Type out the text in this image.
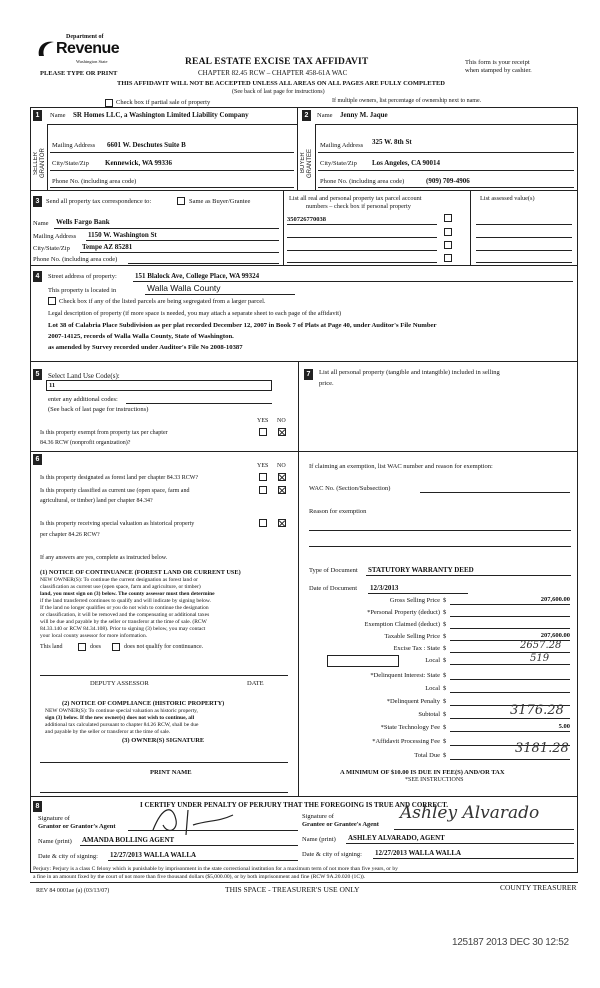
Department of
Revenue
Washington State
PLEASE TYPE OR PRINT
REAL ESTATE EXCISE TAX AFFIDAVIT
CHAPTER 82.45 RCW – CHAPTER 458-61A WAC
This form is your receipt
when stamped by cashier.
THIS AFFIDAVIT WILL NOT BE ACCEPTED UNLESS ALL AREAS ON ALL PAGES ARE FULLY COMPLETED
(See back of last page for instructions)
Check box if partial sale of property	If multiple owners, list percentage of ownership next to name.
1
SELLER GRANTOR
Name SR Homes LLC, a Washington Limited Liability Company
Mailing Address 6601 W. Deschutes Suite B
City/State/Zip Kennewick, WA 99336
Phone No. (including area code)
2
BUYER GRANTEE
Name Jenny M. Jaque
Mailing Address 325 W. 8th St
City/State/Zip Los Angeles, CA 90014
Phone No. (including area code)	(909) 709-4906
3	Send all property tax correspondence to:	Same as Buyer/Grantee
Name Wells Fargo Bank
Mailing Address 1150 W. Washington St
City/State/Zip Tempe AZ 85281
Phone No. (including area code)
List all real and personal property tax parcel account
numbers – check box if personal property
List assessed value(s)
350726770038
4	Street address of property:	151 Blalock Ave, College Place, WA 99324
This property is located in	Walla Walla County
Check box if any of the listed parcels are being segregated from a larger parcel.
Legal description of property (if more space is needed, you may attach a separate sheet to each page of the affidavit)
Lot 38 of Calabria Place Subdivision as per plat recorded December 12, 2007 in Book 7 of Plats at Page 40, under Auditor's File Number
2007-14125, records of Walla Walla County, State of Washington.
as amended by Survey recorded under Auditor's File No 2008-10387
5	Select Land Use Code(s):
11
enter any additional codes:
(See back of last page for instructions)
YES NO
Is this property exempt from property tax per chapter
84.36 RCW (nonprofit organization)?
7	List all personal property (tangible and intangible) included in selling
price.
6
YES NO
Is this property designated as forest land per chapter 84.33 RCW?
Is this property classified as current use (open space, farm and
agricultural, or timber) land per chapter 84.34?
Is this property receiving special valuation as historical property
per chapter 84.26 RCW?
If any answers are yes, complete as instructed below.
(1) NOTICE OF CONTINUANCE (FOREST LAND OR CURRENT USE)
NEW OWNER(S): To continue the current designation as forest land or
classification as current use (open space, farm and agriculture, or timber)
land, you must sign on (3) below. The county assessor must then determine
if the land transferred continues to qualify and will indicate by signing below.
If the land no longer qualifies or you do not wish to continue the designation
or classification, it will be removed and the compensating or additional taxes
will be due and payable by the seller or transferor at the time of sale. (RCW
84.33.140 or RCW 84.34.108). Prior to signing (3) below, you may contact
your local county assessor for more information.
This land	does	does not qualify for continuance.
DEPUTY ASSESSOR	DATE
(2) NOTICE OF COMPLIANCE (HISTORIC PROPERTY)
NEW OWNER(S): To continue special valuation as historic property,
sign (3) below. If the new owner(s) does not wish to continue, all
additional tax calculated pursuant to chapter 84.26 RCW, shall be due
and payable by the seller or transferor at the time of sale.
(3) OWNER(S) SIGNATURE
PRINT NAME
If claiming an exemption, list WAC number and reason for exemption:
WAC No. (Section/Subsection)
Reason for exemption
Type of Document STATUTORY WARRANTY DEED
Date of Document 12/3/2013
Gross Selling Price $	207,600.00
*Personal Property (deduct) $
Exemption Claimed (deduct) $
Taxable Selling Price $	207,600.00
Excise Tax : State $	2657.28
Local $	519
*Delinquent Interest: State $
Local $
*Delinquent Penalty $
Subtotal $	3176.28
*State Technology Fee $	5.00
*Affidavit Processing Fee $
Total Due $	3181.28
A MINIMUM OF $10.00 IS DUE IN FEE(S) AND/OR TAX
*SEE INSTRUCTIONS
8	I CERTIFY UNDER PENALTY OF PERJURY THAT THE FOREGOING IS TRUE AND CORRECT.
Signature of
Grantor or Grantor's Agent
Signature of
Grantee or Grantee's Agent
Ashley Alvarado
Name (print) AMANDA BOLLING AGENT	Name (print) ASHLEY ALVARADO, AGENT
Date & city of signing: 12/27/2013 WALLA WALLA	Date & city of signing: 12/27/2013 WALLA WALLA
Perjury: Perjury is a class C felony which is punishable by imprisonment in the state correctional institution for a maximum term of not more than five years, or by
a fine in an amount fixed by the court of not more than five thousand dollars ($5,000.00), or by both imprisonment and fine (RCW 9A.20.020 (1C)).
REV 84 0001ae (a) (03/13/07)	THIS SPACE - TREASURER'S USE ONLY	COUNTY TREASURER
125187 2013 DEC 30 12:52
